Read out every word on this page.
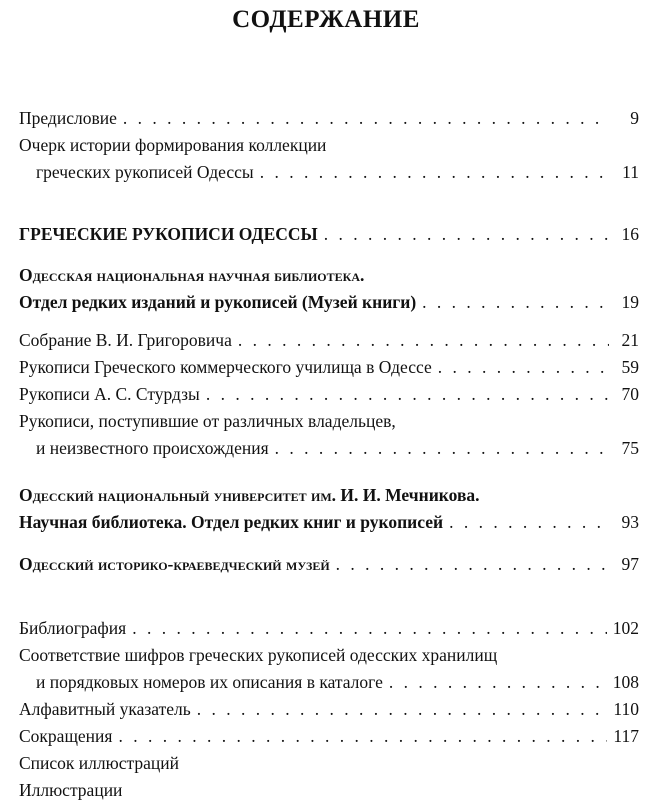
СОДЕРЖАНИЕ
Предисловие . . .	9
Очерк истории формирования коллекции
греческих рукописей Одессы . . .	11
ГРЕЧЕСКИЕ РУКОПИСИ ОДЕССЫ . . .	16
Одесская национальная научная библиотека.
Отдел редких изданий и рукописей (Музей книги) . . .	19
Собрание В. И. Григоровича . . .	21
Рукописи Греческого коммерческого училища в Одессе . . .	59
Рукописи А. С. Стурдзы . . .	70
Рукописи, поступившие от различных владельцев,
и неизвестного происхождения . . .	75
Одесский национальный университет им. И. И. Мечникова.
Научная библиотека. Отдел редких книг и рукописей . . .	93
Одесский историко-краеведческий музей . . .	97
Библиография . . .	102
Соответствие шифров греческих рукописей одесских хранилищ
и порядковых номеров их описания в каталоге . . .	108
Алфавитный указатель . . .	110
Сокращения . . .	117
Список иллюстраций
Иллюстрации
